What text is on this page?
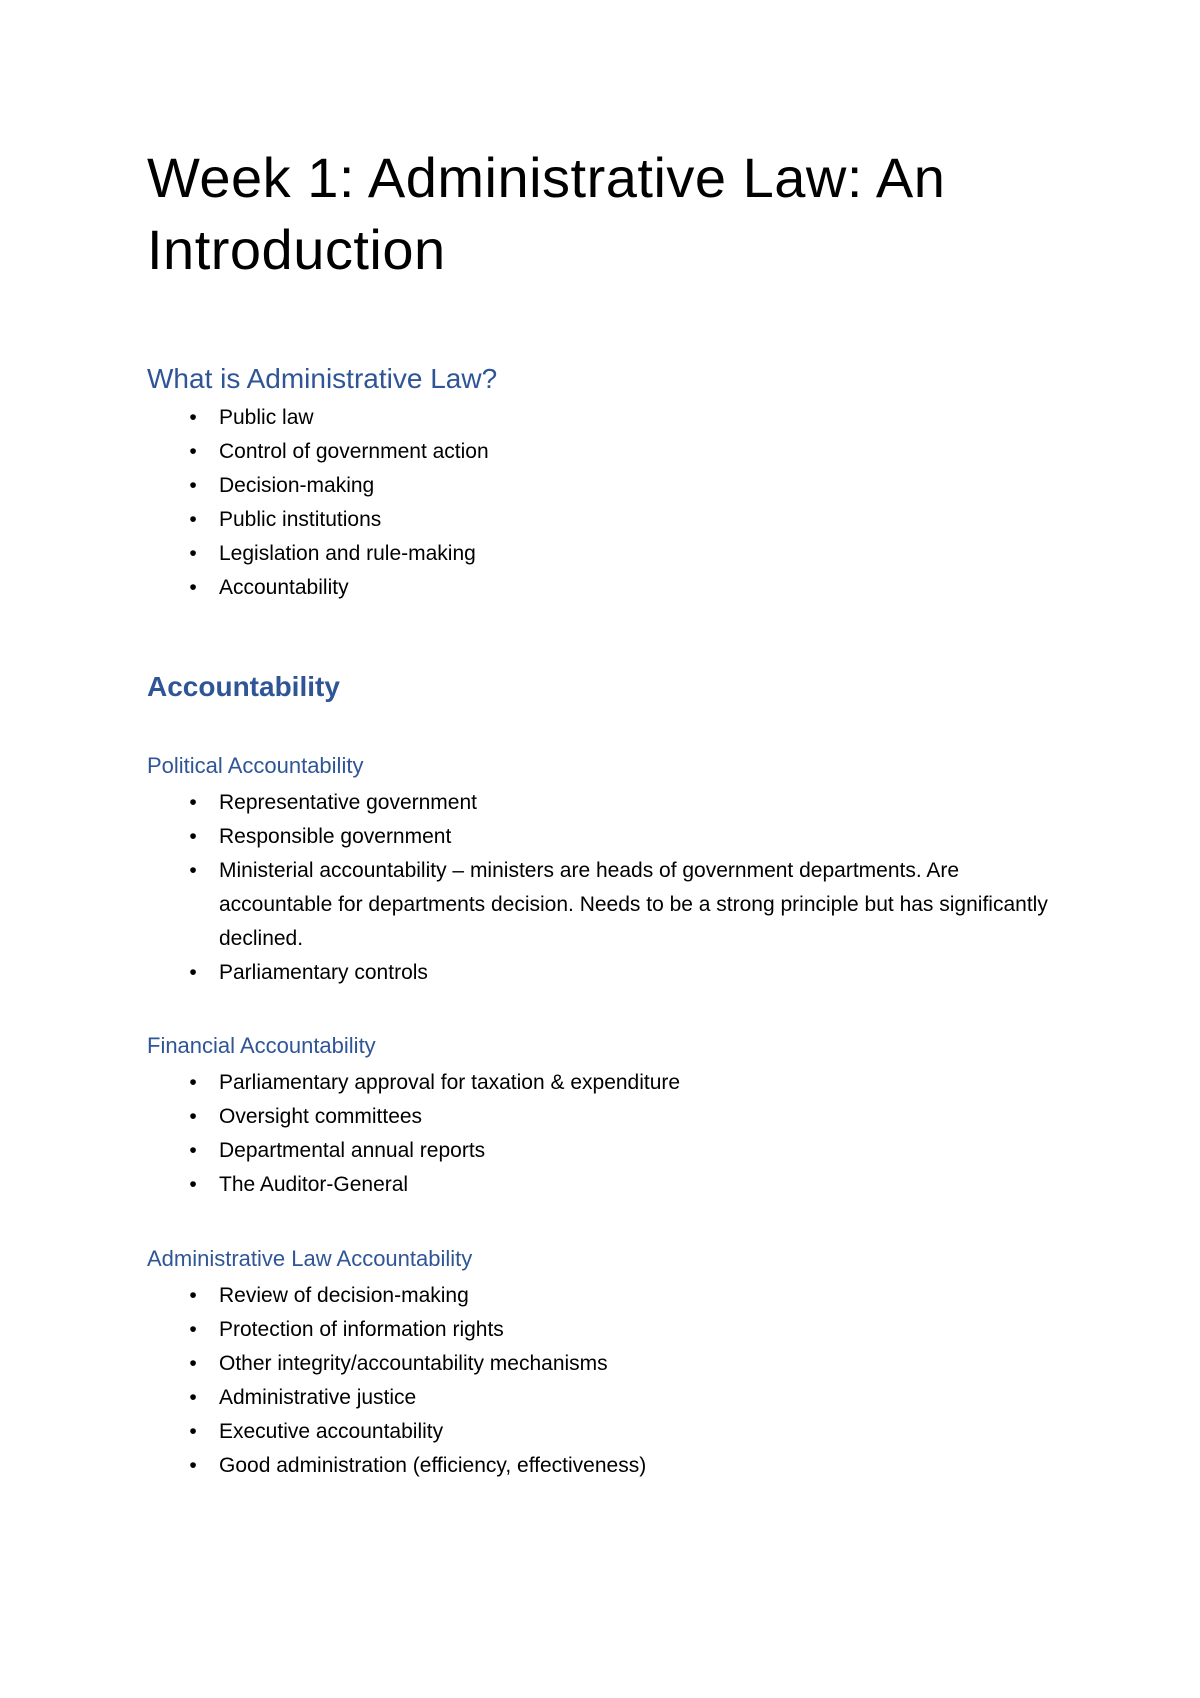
Week 1: Administrative Law: An Introduction
What is Administrative Law?
•	Public law
•	Control of government action
•	Decision-making
•	Public institutions
•	Legislation and rule-making
•	Accountability
Accountability
Political Accountability
•	Representative government
•	Responsible government
•	Ministerial accountability – ministers are heads of government departments. Are accountable for departments decision. Needs to be a strong principle but has significantly declined.
•	Parliamentary controls
Financial Accountability
•	Parliamentary approval for taxation & expenditure
•	Oversight committees
•	Departmental annual reports
•	The Auditor-General
Administrative Law Accountability
•	Review of decision-making
•	Protection of information rights
•	Other integrity/accountability mechanisms
•	Administrative justice
•	Executive accountability
•	Good administration (efficiency, effectiveness)
